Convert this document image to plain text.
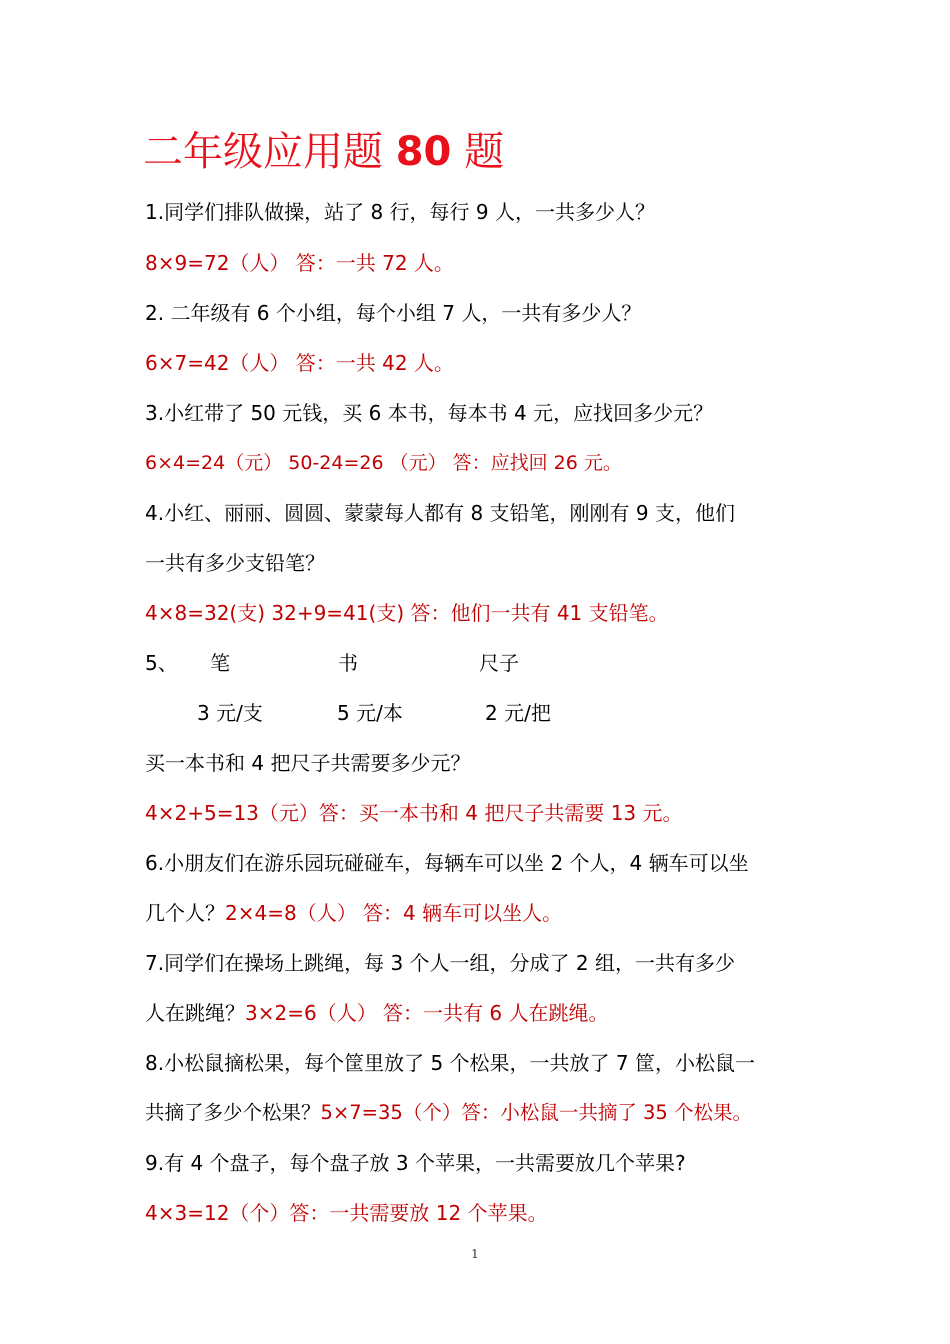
二年级应用题 80 题
1.同学们排队做操，站了 8 行，每行 9 人，一共多少人？
8×9=72（人） 答：一共 72 人。
2. 二年级有 6 个小组，每个小组 7 人，一共有多少人？
6×7=42（人） 答：一共 42 人。
3.小红带了 50 元钱，买 6 本书，每本书 4 元，应找回多少元？
6×4=24（元） 50-24=26 （元） 答：应找回 26 元。
4.小红、丽丽、圆圆、蒙蒙每人都有 8 支铅笔，刚刚有 9 支，他们
一共有多少支铅笔？
4×8=32(支) 32+9=41(支) 答：他们一共有 41 支铅笔。
5、 笔	书	尺子
3 元/支	5 元/本	2 元/把
买一本书和 4 把尺子共需要多少元？
4×2+5=13（元）答：买一本书和 4 把尺子共需要 13 元。
6.小朋友们在游乐园玩碰碰车，每辆车可以坐 2 个人，4 辆车可以坐
几个人？2×4=8（人） 答：4 辆车可以坐人。
7.同学们在操场上跳绳，每 3 个人一组，分成了 2 组，一共有多少
人在跳绳？3×2=6（人） 答：一共有 6 人在跳绳。
8.小松鼠摘松果，每个筐里放了 5 个松果，一共放了 7 筐，小松鼠一
共摘了多少个松果？5×7=35（个）答：小松鼠一共摘了 35 个松果。
9.有 4 个盘子，每个盘子放 3 个苹果，一共需要放几个苹果?
4×3=12（个）答：一共需要放 12 个苹果。
1
